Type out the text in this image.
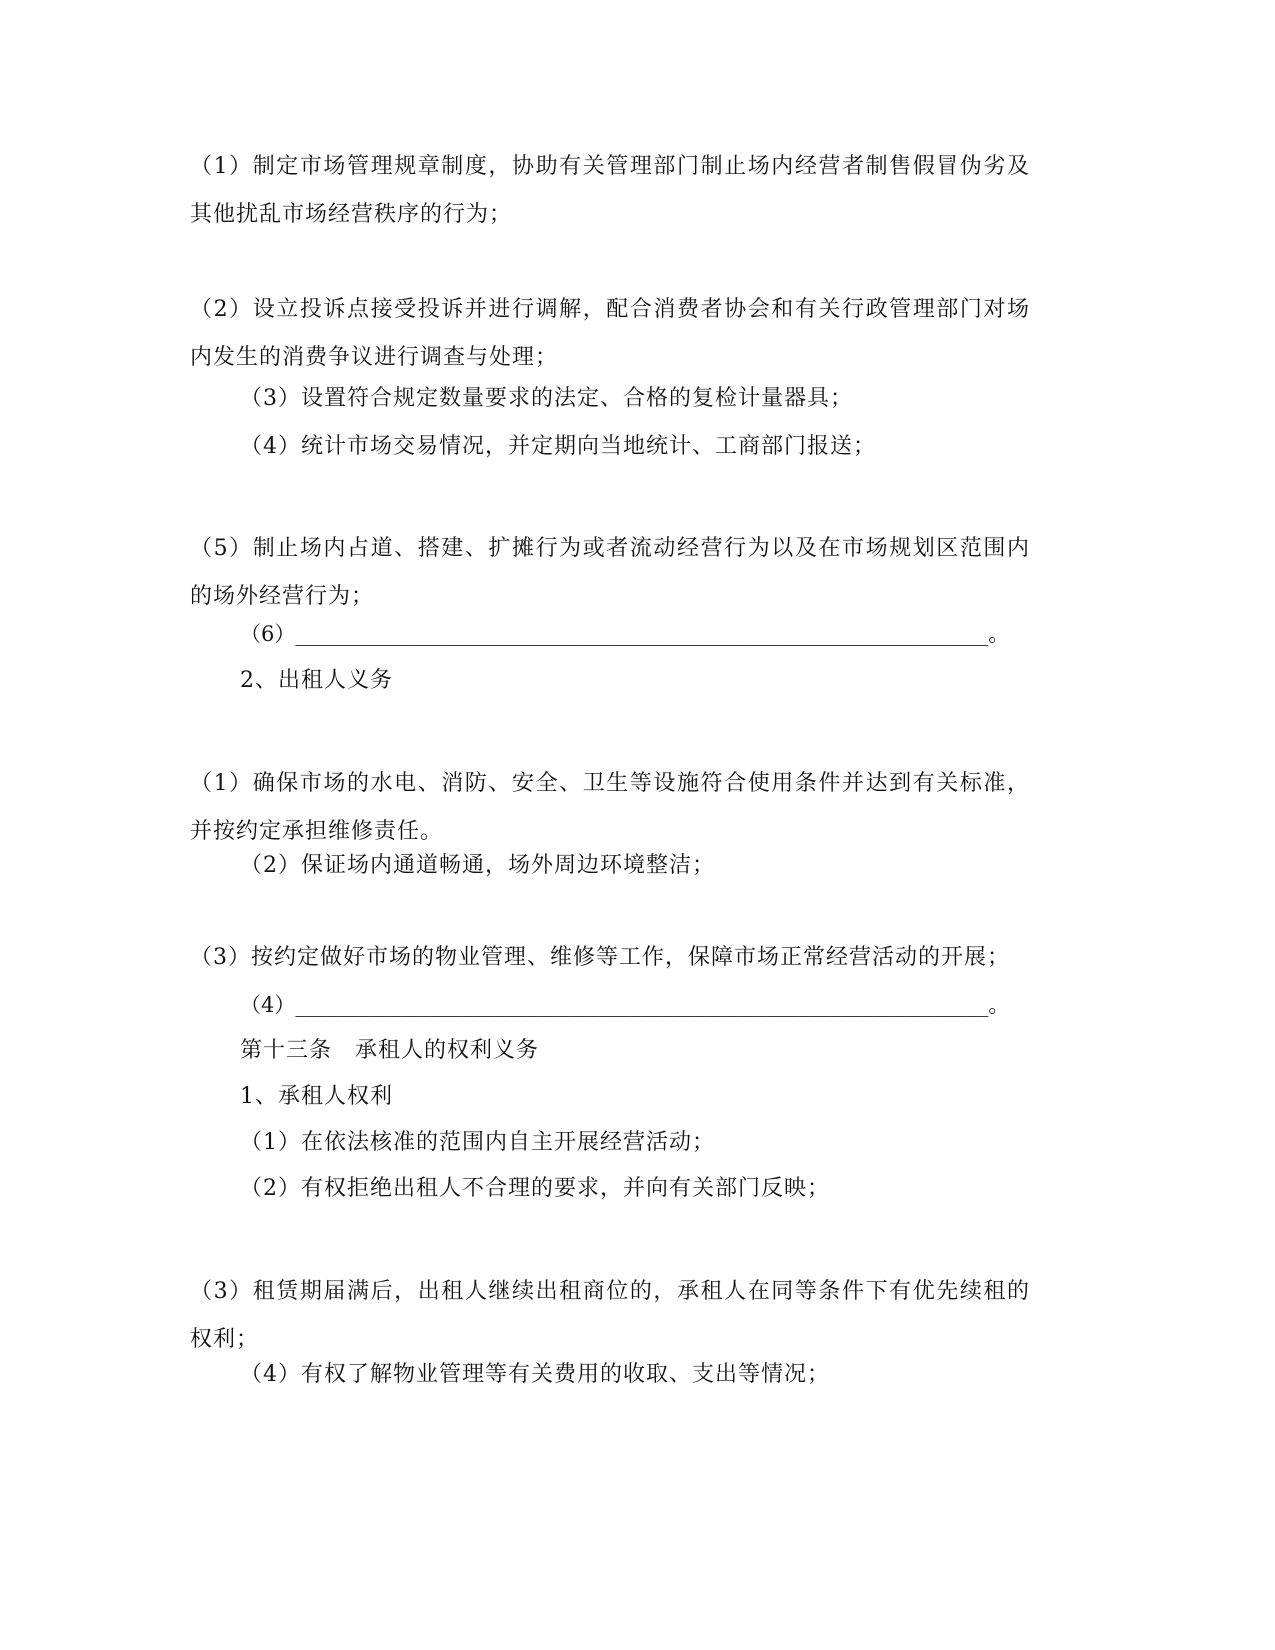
（1）制定市场管理规章制度，协助有关管理部门制止场内经营者制售假冒伪劣及其他扰乱市场经营秩序的行为；
（2）设立投诉点接受投诉并进行调解，配合消费者协会和有关行政管理部门对场内发生的消费争议进行调查与处理；
（3）设置符合规定数量要求的法定、合格的复检计量器具；
（4）统计市场交易情况，并定期向当地统计、工商部门报送；
（5）制止场内占道、搭建、扩摊行为或者流动经营行为以及在市场规划区范围内的场外经营行为；
（6）__________________________________________________________________。
2、出租人义务
（1）确保市场的水电、消防、安全、卫生等设施符合使用条件并达到有关标准，并按约定承担维修责任。
（2）保证场内通道畅通，场外周边环境整洁；
（3）按约定做好市场的物业管理、维修等工作，保障市场正常经营活动的开展；
（4）__________________________________________________________________。
第十三条　承租人的权利义务
1、承租人权利
（1）在依法核准的范围内自主开展经营活动；
（2）有权拒绝出租人不合理的要求，并向有关部门反映；
（3）租赁期届满后，出租人继续出租商位的，承租人在同等条件下有优先续租的权利；
（4）有权了解物业管理等有关费用的收取、支出等情况；
